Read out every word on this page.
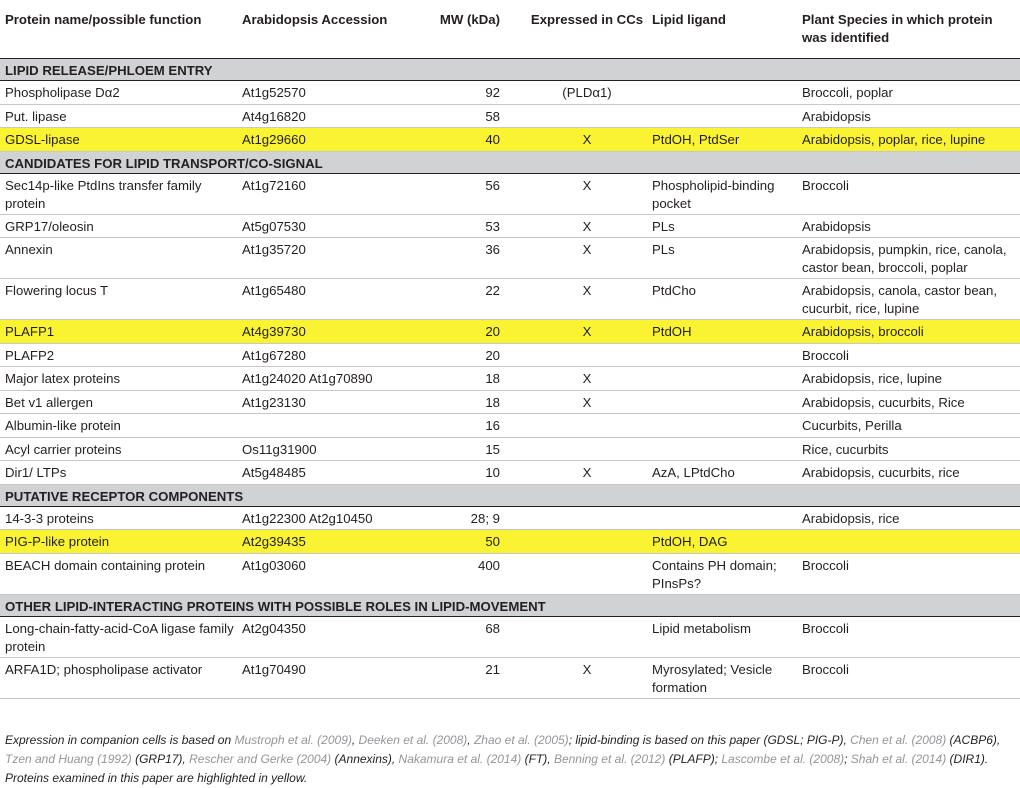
Protein name/possible function	Arabidopsis Accession	MW (kDa)	Expressed in CCs	Lipid ligand	Plant Species in which protein was identified
LIPID RELEASE/PHLOEM ENTRY					
Phospholipase Dα2	At1g52570	92	(PLDα1)		Broccoli, poplar
Put. lipase	At4g16820	58			Arabidopsis
GDSL-lipase	At1g29660	40	X	PtdOH, PtdSer	Arabidopsis, poplar, rice, lupine
CANDIDATES FOR LIPID TRANSPORT/CO-SIGNAL					
Sec14p-like PtdIns transfer family protein	At1g72160	56	X	Phospholipid-binding pocket	Broccoli
GRP17/oleosin	At5g07530	53	X	PLs	Arabidopsis
Annexin	At1g35720	36	X	PLs	Arabidopsis, pumpkin, rice, canola, castor bean, broccoli, poplar
Flowering locus T	At1g65480	22	X	PtdCho	Arabidopsis, canola, castor bean, cucurbit, rice, lupine
PLAFP1	At4g39730	20	X	PtdOH	Arabidopsis, broccoli
PLAFP2	At1g67280	20			Broccoli
Major latex proteins	At1g24020 At1g70890	18	X		Arabidopsis, rice, lupine
Bet v1 allergen	At1g23130	18	X		Arabidopsis, cucurbits, Rice
Albumin-like protein		16			Cucurbits, Perilla
Acyl carrier proteins	Os11g31900	15			Rice, cucurbits
Dir1/ LTPs	At5g48485	10	X	AzA, LPtdCho	Arabidopsis, cucurbits, rice
PUTATIVE RECEPTOR COMPONENTS					
14-3-3 proteins	At1g22300 At2g10450	28; 9			Arabidopsis, rice
PIG-P-like protein	At2g39435	50		PtdOH, DAG	
BEACH domain containing protein	At1g03060	400		Contains PH domain; PInsPs?	Broccoli
OTHER LIPID-INTERACTING PROTEINS WITH POSSIBLE ROLES IN LIPID-MOVEMENT					
Long-chain-fatty-acid-CoA ligase family protein	At2g04350	68		Lipid metabolism	Broccoli
ARFA1D; phospholipase activator	At1g70490	21	X	Myrosylated; Vesicle formation	Broccoli
Expression in companion cells is based on Mustroph et al. (2009), Deeken et al. (2008), Zhao et al. (2005); lipid-binding is based on this paper (GDSL; PIG-P), Chen et al. (2008) (ACBP6), Tzen and Huang (1992) (GRP17), Rescher and Gerke (2004) (Annexins), Nakamura et al. (2014) (FT), Benning et al. (2012) (PLAFP); Lascombe et al. (2008); Shah et al. (2014) (DIR1). Proteins examined in this paper are highlighted in yellow.
